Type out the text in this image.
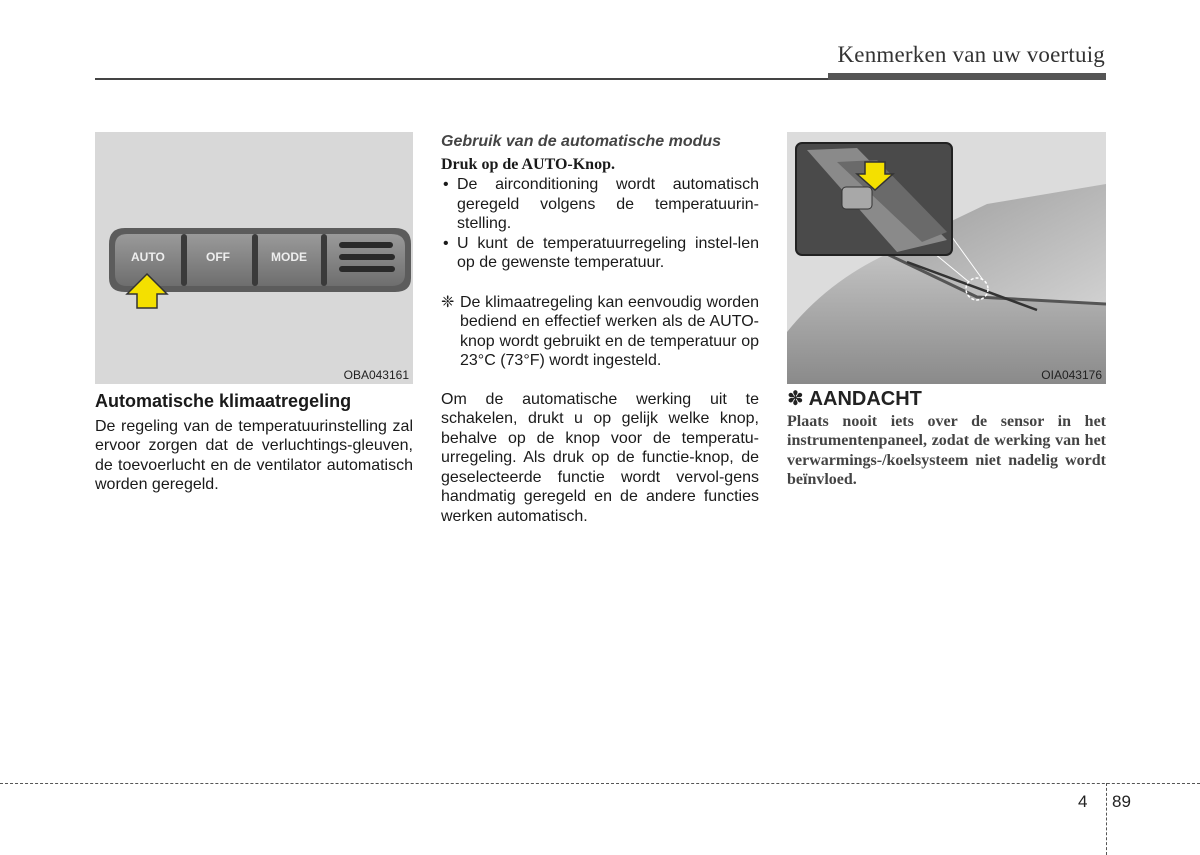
Kenmerken van uw voertuig
AUTO	OFF	MODE
OBA043161

Automatische klimaatregeling

De regeling van de temperatuurinstelling zal ervoor zorgen dat de verluchtings-gleuven, de toevoerlucht en de ventilator automatisch worden geregeld.

Gebruik van de automatische modus

Druk op de AUTO-Knop.

• De airconditioning wordt automatisch geregeld volgens de temperatuurin-stelling.

• U kunt de temperatuurregeling instel-len op de gewenste temperatuur.

❈ De klimaatregeling kan eenvoudig worden bediend en effectief werken als de AUTO-knop wordt gebruikt en de temperatuur op 23°C (73°F) wordt ingesteld.

Om de automatische werking uit te schakelen, drukt u op gelijk welke knop, behalve op de knop voor de temperatu-urregeling. Als druk op de functie-knop, de geselecteerde functie wordt vervol-gens handmatig geregeld en de andere functies werken automatisch.

OIA043176

✽ AANDACHT

Plaats nooit iets over de sensor in het instrumentenpaneel, zodat de werking van het verwarmings-/koelsysteem niet nadelig wordt beïnvloed.

4 89
